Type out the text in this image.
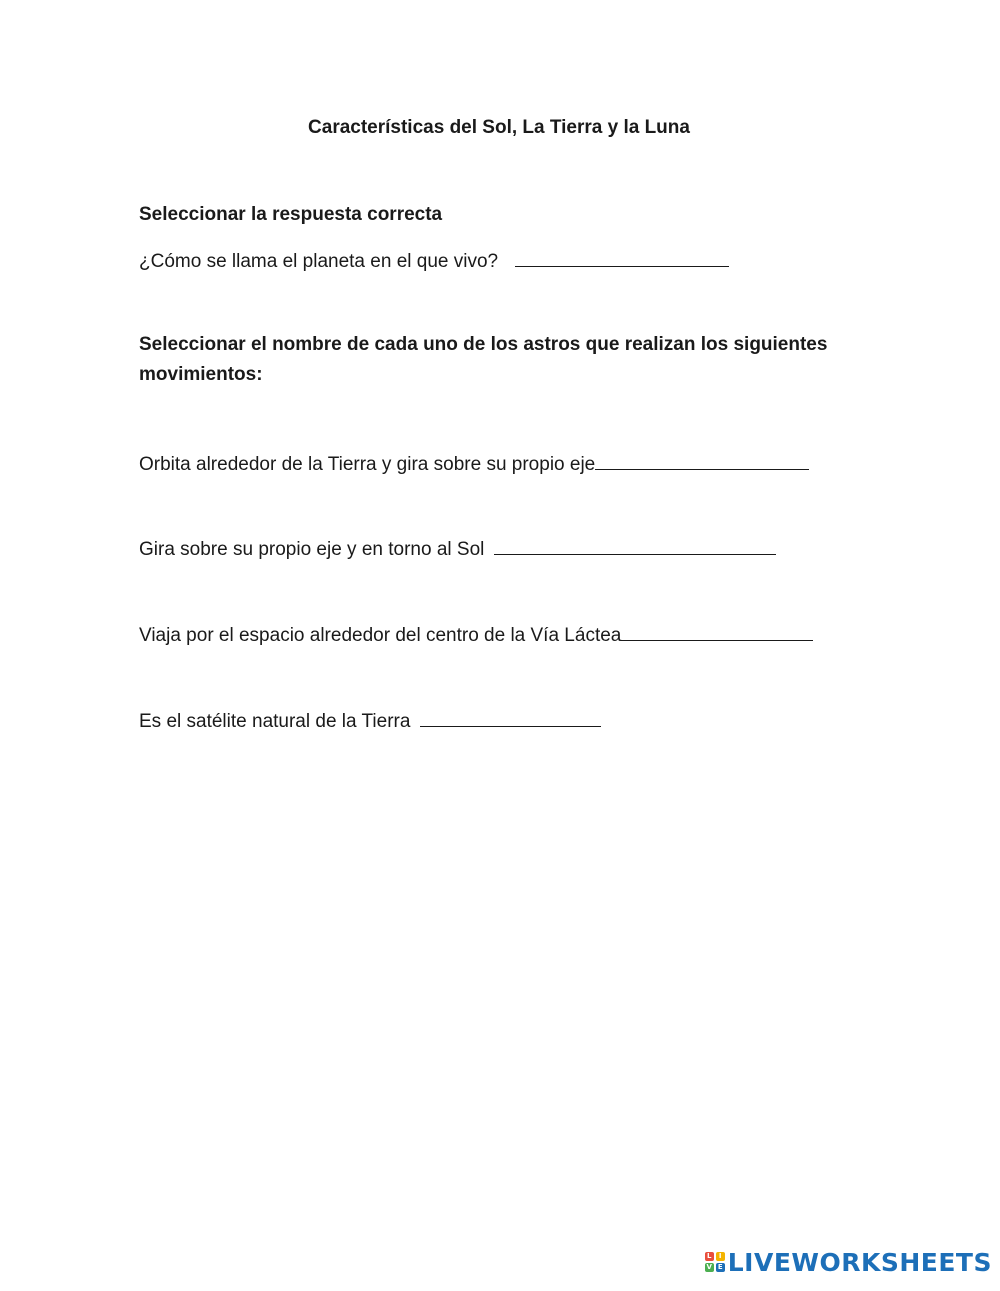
Características del Sol, La Tierra y la Luna

Seleccionar la respuesta correcta

¿Cómo se llama el planeta en el que vivo?

Seleccionar el nombre de cada uno de los astros que realizan los siguientes movimientos:

Orbita alrededor de la Tierra y gira sobre su propio eje
Gira sobre su propio eje y en torno al Sol
Viaja por el espacio alrededor del centro de la Vía Láctea
Es el satélite natural de la Tierra
L	I
V E LIVEWORKSHEETS
